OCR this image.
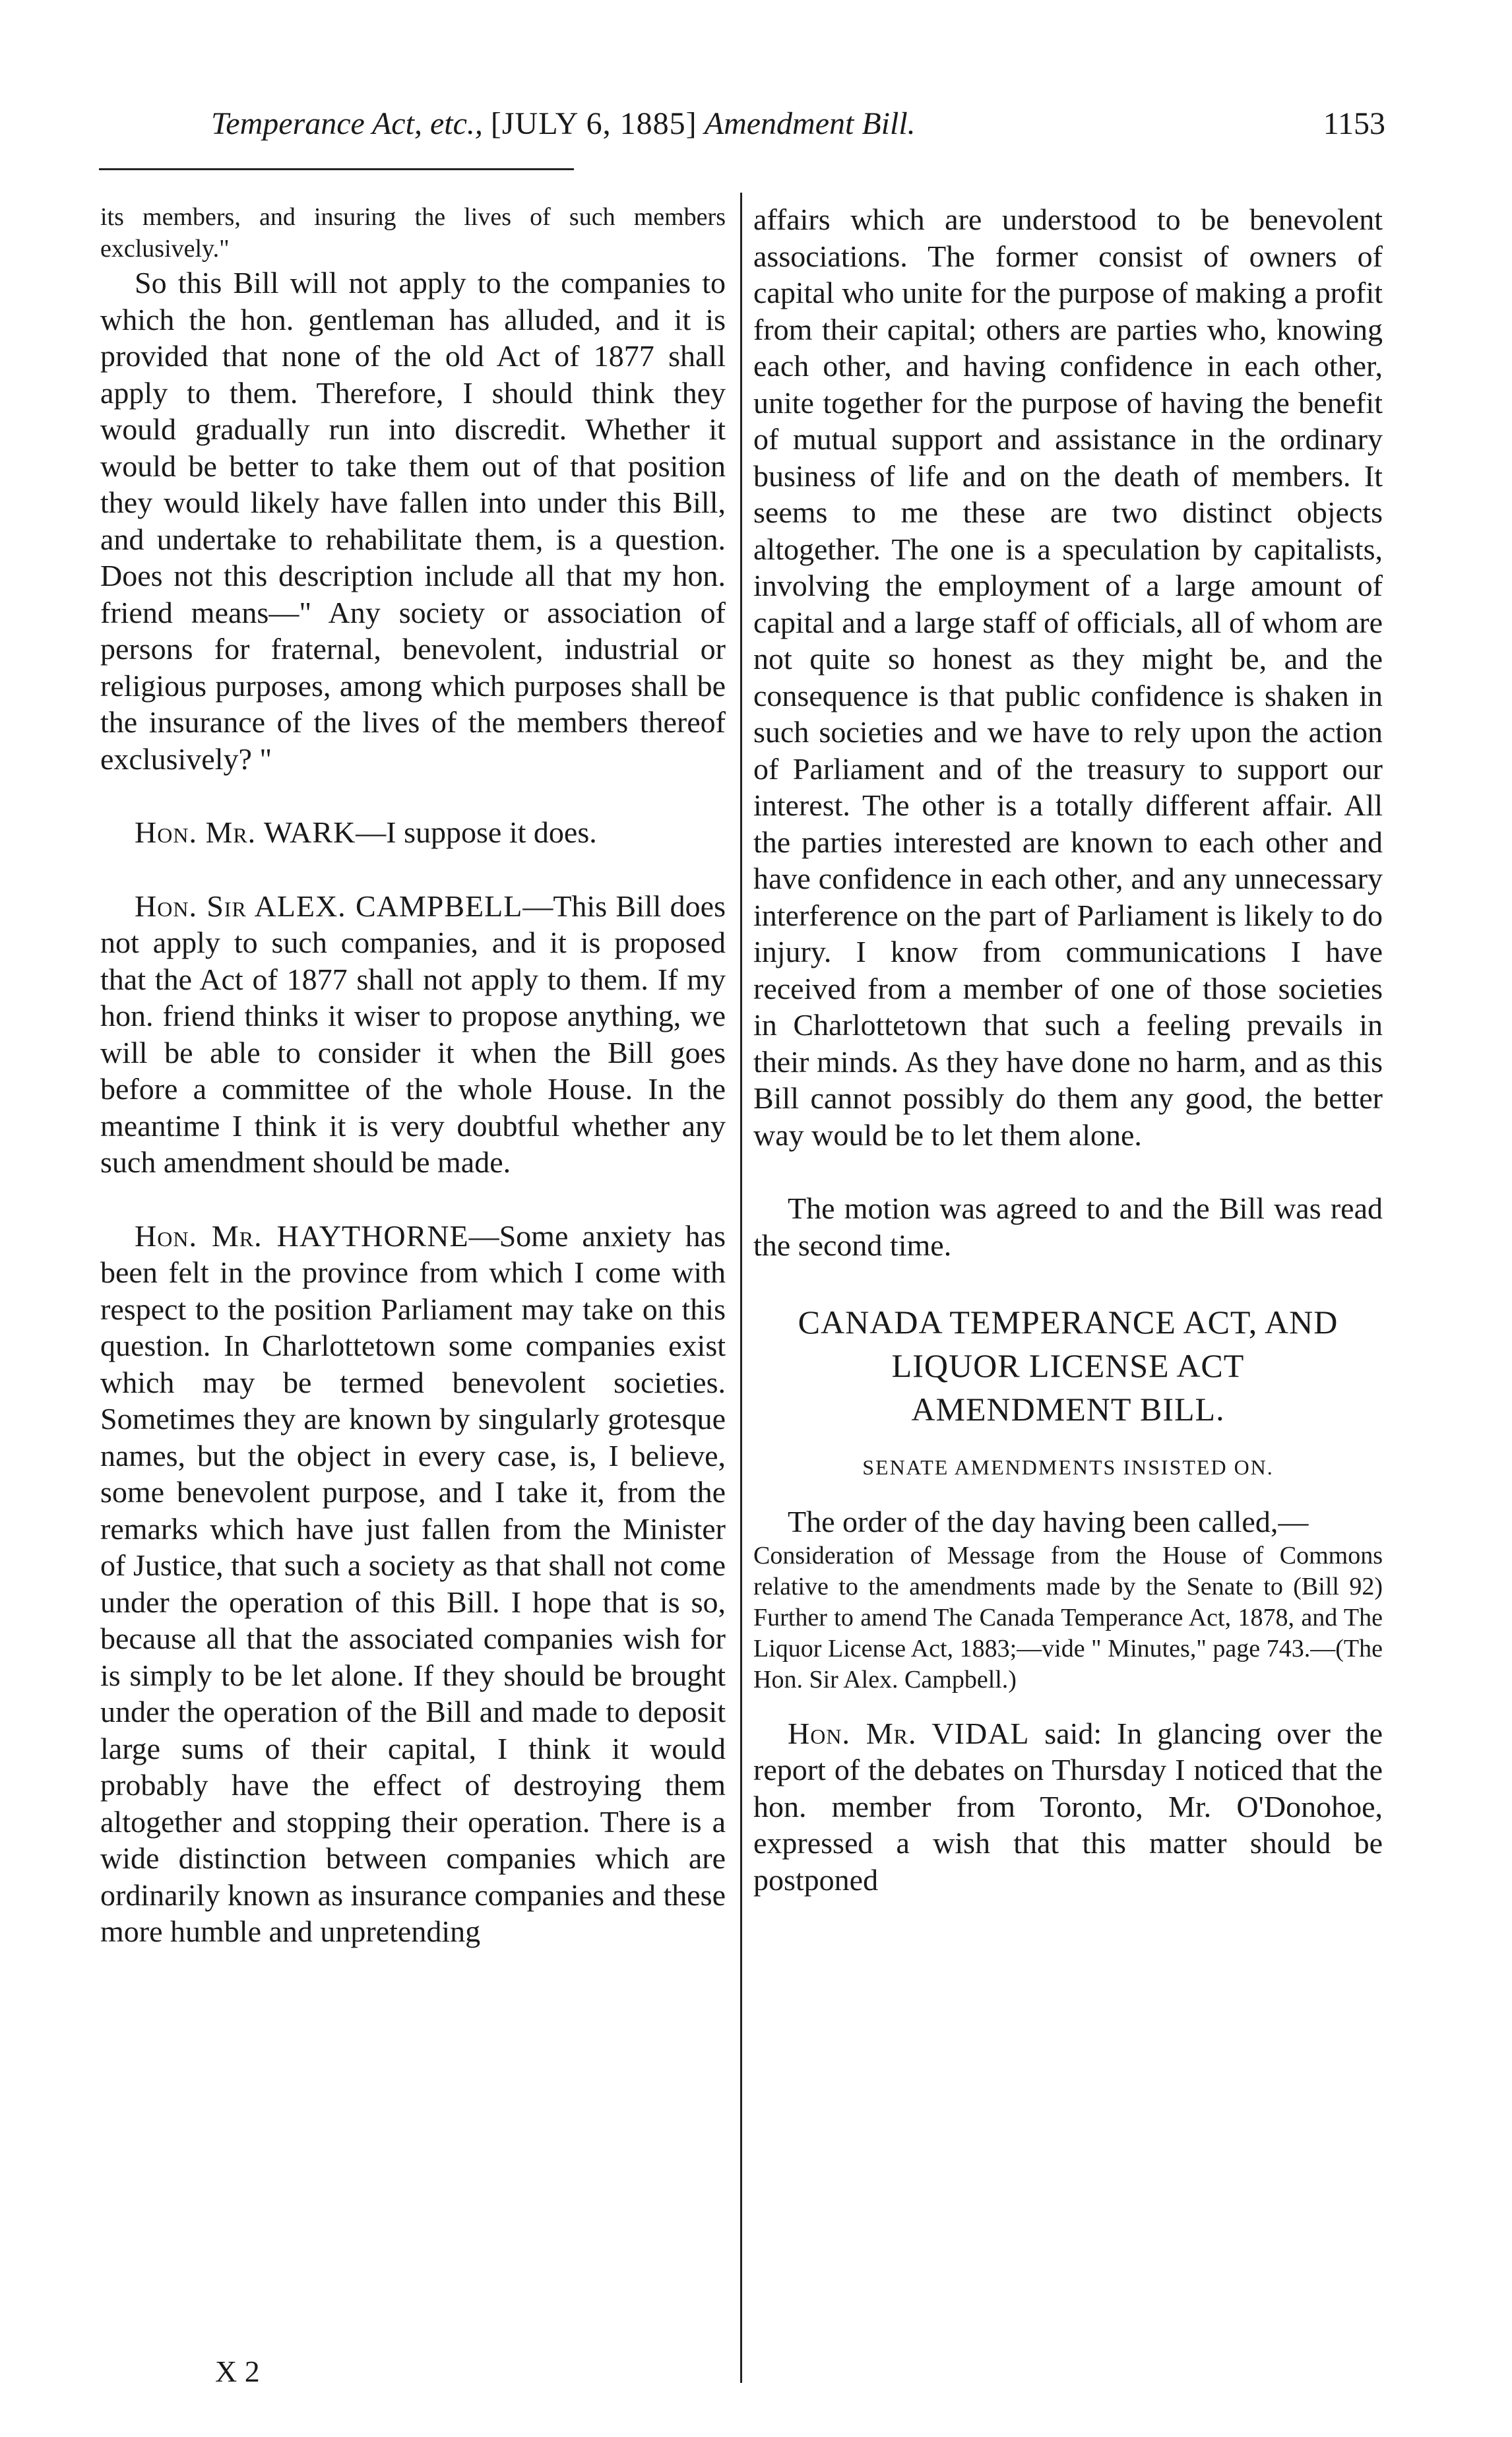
Temperance Act, etc., [JULY 6, 1885] Amendment Bill.	1153

its members, and insuring the lives of such members exclusively."

So this Bill will not apply to the companies to which the hon. gentleman has alluded, and it is provided that none of the old Act of 1877 shall apply to them. Therefore, I should think they would gradually run into discredit. Whether it would be better to take them out of that position they would likely have fallen into under this Bill, and undertake to rehabilitate them, is a question. Does not this description include all that my hon. friend means—" Any society or association of persons for fraternal, benevolent, industrial or religious purposes, among which purposes shall be the insurance of the lives of the members thereof exclusively? "

Hon. Mr. WARK—I suppose it does.

Hon. Sir ALEX. CAMPBELL—This Bill does not apply to such companies, and it is proposed that the Act of 1877 shall not apply to them. If my hon. friend thinks it wiser to propose anything, we will be able to consider it when the Bill goes before a committee of the whole House. In the meantime I think it is very doubtful whether any such amendment should be made.

Hon. Mr. HAYTHORNE—Some anxiety has been felt in the province from which I come with respect to the position Parliament may take on this question. In Charlottetown some companies exist which may be termed benevolent societies. Sometimes they are known by singularly grotesque names, but the object in every case, is, I believe, some benevolent purpose, and I take it, from the remarks which have just fallen from the Minister of Justice, that such a society as that shall not come under the operation of this Bill. I hope that is so, because all that the associated companies wish for is simply to be let alone. If they should be brought under the operation of the Bill and made to deposit large sums of their capital, I think it would probably have the effect of destroying them altogether and stopping their operation. There is a wide distinction between companies which are ordinarily known as insurance companies and these more humble and unpretending

X 2

affairs which are understood to be benevolent associations. The former consist of owners of capital who unite for the purpose of making a profit from their capital; others are parties who, knowing each other, and having confidence in each other, unite together for the purpose of having the benefit of mutual support and assistance in the ordinary business of life and on the death of members. It seems to me these are two distinct objects altogether. The one is a speculation by capitalists, involving the employment of a large amount of capital and a large staff of officials, all of whom are not quite so honest as they might be, and the consequence is that public confidence is shaken in such societies and we have to rely upon the action of Parliament and of the treasury to support our interest. The other is a totally different affair. All the parties interested are known to each other and have confidence in each other, and any unnecessary interference on the part of Parliament is likely to do injury. I know from communications I have received from a member of one of those societies in Charlottetown that such a feeling prevails in their minds. As they have done no harm, and as this Bill cannot possibly do them any good, the better way would be to let them alone.

The motion was agreed to and the Bill was read the second time.

CANADA TEMPERANCE ACT, AND
LIQUOR LICENSE ACT
AMENDMENT BILL.

SENATE AMENDMENTS INSISTED ON.

The order of the day having been called,—

Consideration of Message from the House of Commons relative to the amendments made by the Senate to (Bill 92) Further to amend The Canada Temperance Act, 1878, and The Liquor License Act, 1883;—vide " Minutes," page 743.—(The Hon. Sir Alex. Campbell.)

Hon. Mr. VIDAL said: In glancing over the report of the debates on Thursday I noticed that the hon. member from Toronto, Mr. O'Donohoe, expressed a wish that this matter should be postponed
